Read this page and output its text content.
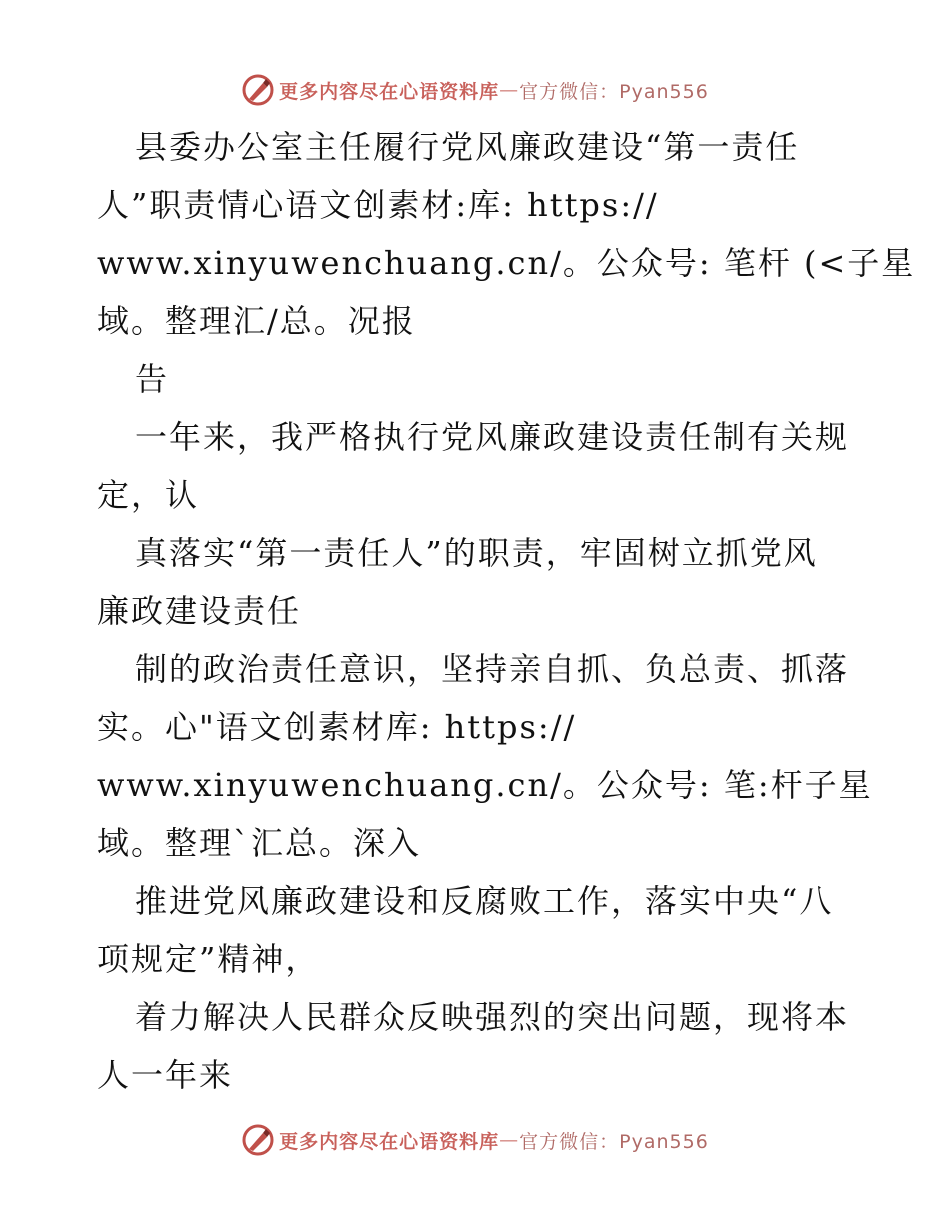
更多内容尽在心语资料库 — 官方微信：Pyan556
县委办公室主任履行党风廉政建设“第一责任
人”职责情心语文创素材:库: https://
www.xinyuwenchuang.cn/。公众号: 笔杆 (<子星
域。整理汇/总。况报
告
一年来，我严格执行党风廉政建设责任制有关规
定，认
真落实“第一责任人”的职责，牢固树立抓党风
廉政建设责任
制的政治责任意识，坚持亲自抓、负总责、抓落
实。心"语文创素材库: https://
www.xinyuwenchuang.cn/。公众号: 笔:杆子星
域。整理`汇总。深入
推进党风廉政建设和反腐败工作，落实中央“八
项规定”精神，
着力解决人民群众反映强烈的突出问题，现将本
人一年来
更多内容尽在心语资料库 — 官方微信：Pyan556
